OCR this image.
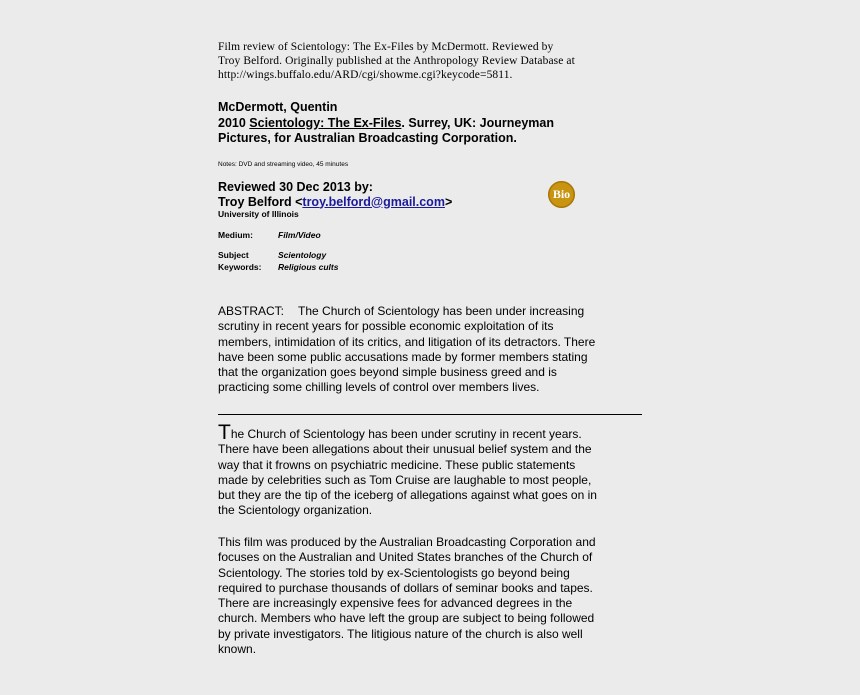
Film review of Scientology: The Ex-Files by McDermott. Reviewed by
Troy Belford. Originally published at the Anthropology Review Database at
http://wings.buffalo.edu/ARD/cgi/showme.cgi?keycode=5811.
McDermott, Quentin
2010 Scientology: The Ex-Files. Surrey, UK: Journeyman
Pictures, for Australian Broadcasting Corporation.
Notes: DVD and streaming video, 45 minutes
Reviewed 30 Dec 2013 by:
Troy Belford <troy.belford@gmail.com>
University of Illinois
Bio
Medium:	Film/Video
Subject	Scientology
Keywords: Religious cults
ABSTRACT: The Church of Scientology has been under increasing
scrutiny in recent years for possible economic exploitation of its
members, intimidation of its critics, and litigation of its detractors. There
have been some public accusations made by former members stating
that the organization goes beyond simple business greed and is
practicing some chilling levels of control over members lives.
The Church of Scientology has been under scrutiny in recent years.
There have been allegations about their unusual belief system and the
way that it frowns on psychiatric medicine. These public statements
made by celebrities such as Tom Cruise are laughable to most people,
but they are the tip of the iceberg of allegations against what goes on in
the Scientology organization.
This film was produced by the Australian Broadcasting Corporation and
focuses on the Australian and United States branches of the Church of
Scientology. The stories told by ex-Scientologists go beyond being
required to purchase thousands of dollars of seminar books and tapes.
There are increasingly expensive fees for advanced degrees in the
church. Members who have left the group are subject to being followed
by private investigators. The litigious nature of the church is also well
known.
